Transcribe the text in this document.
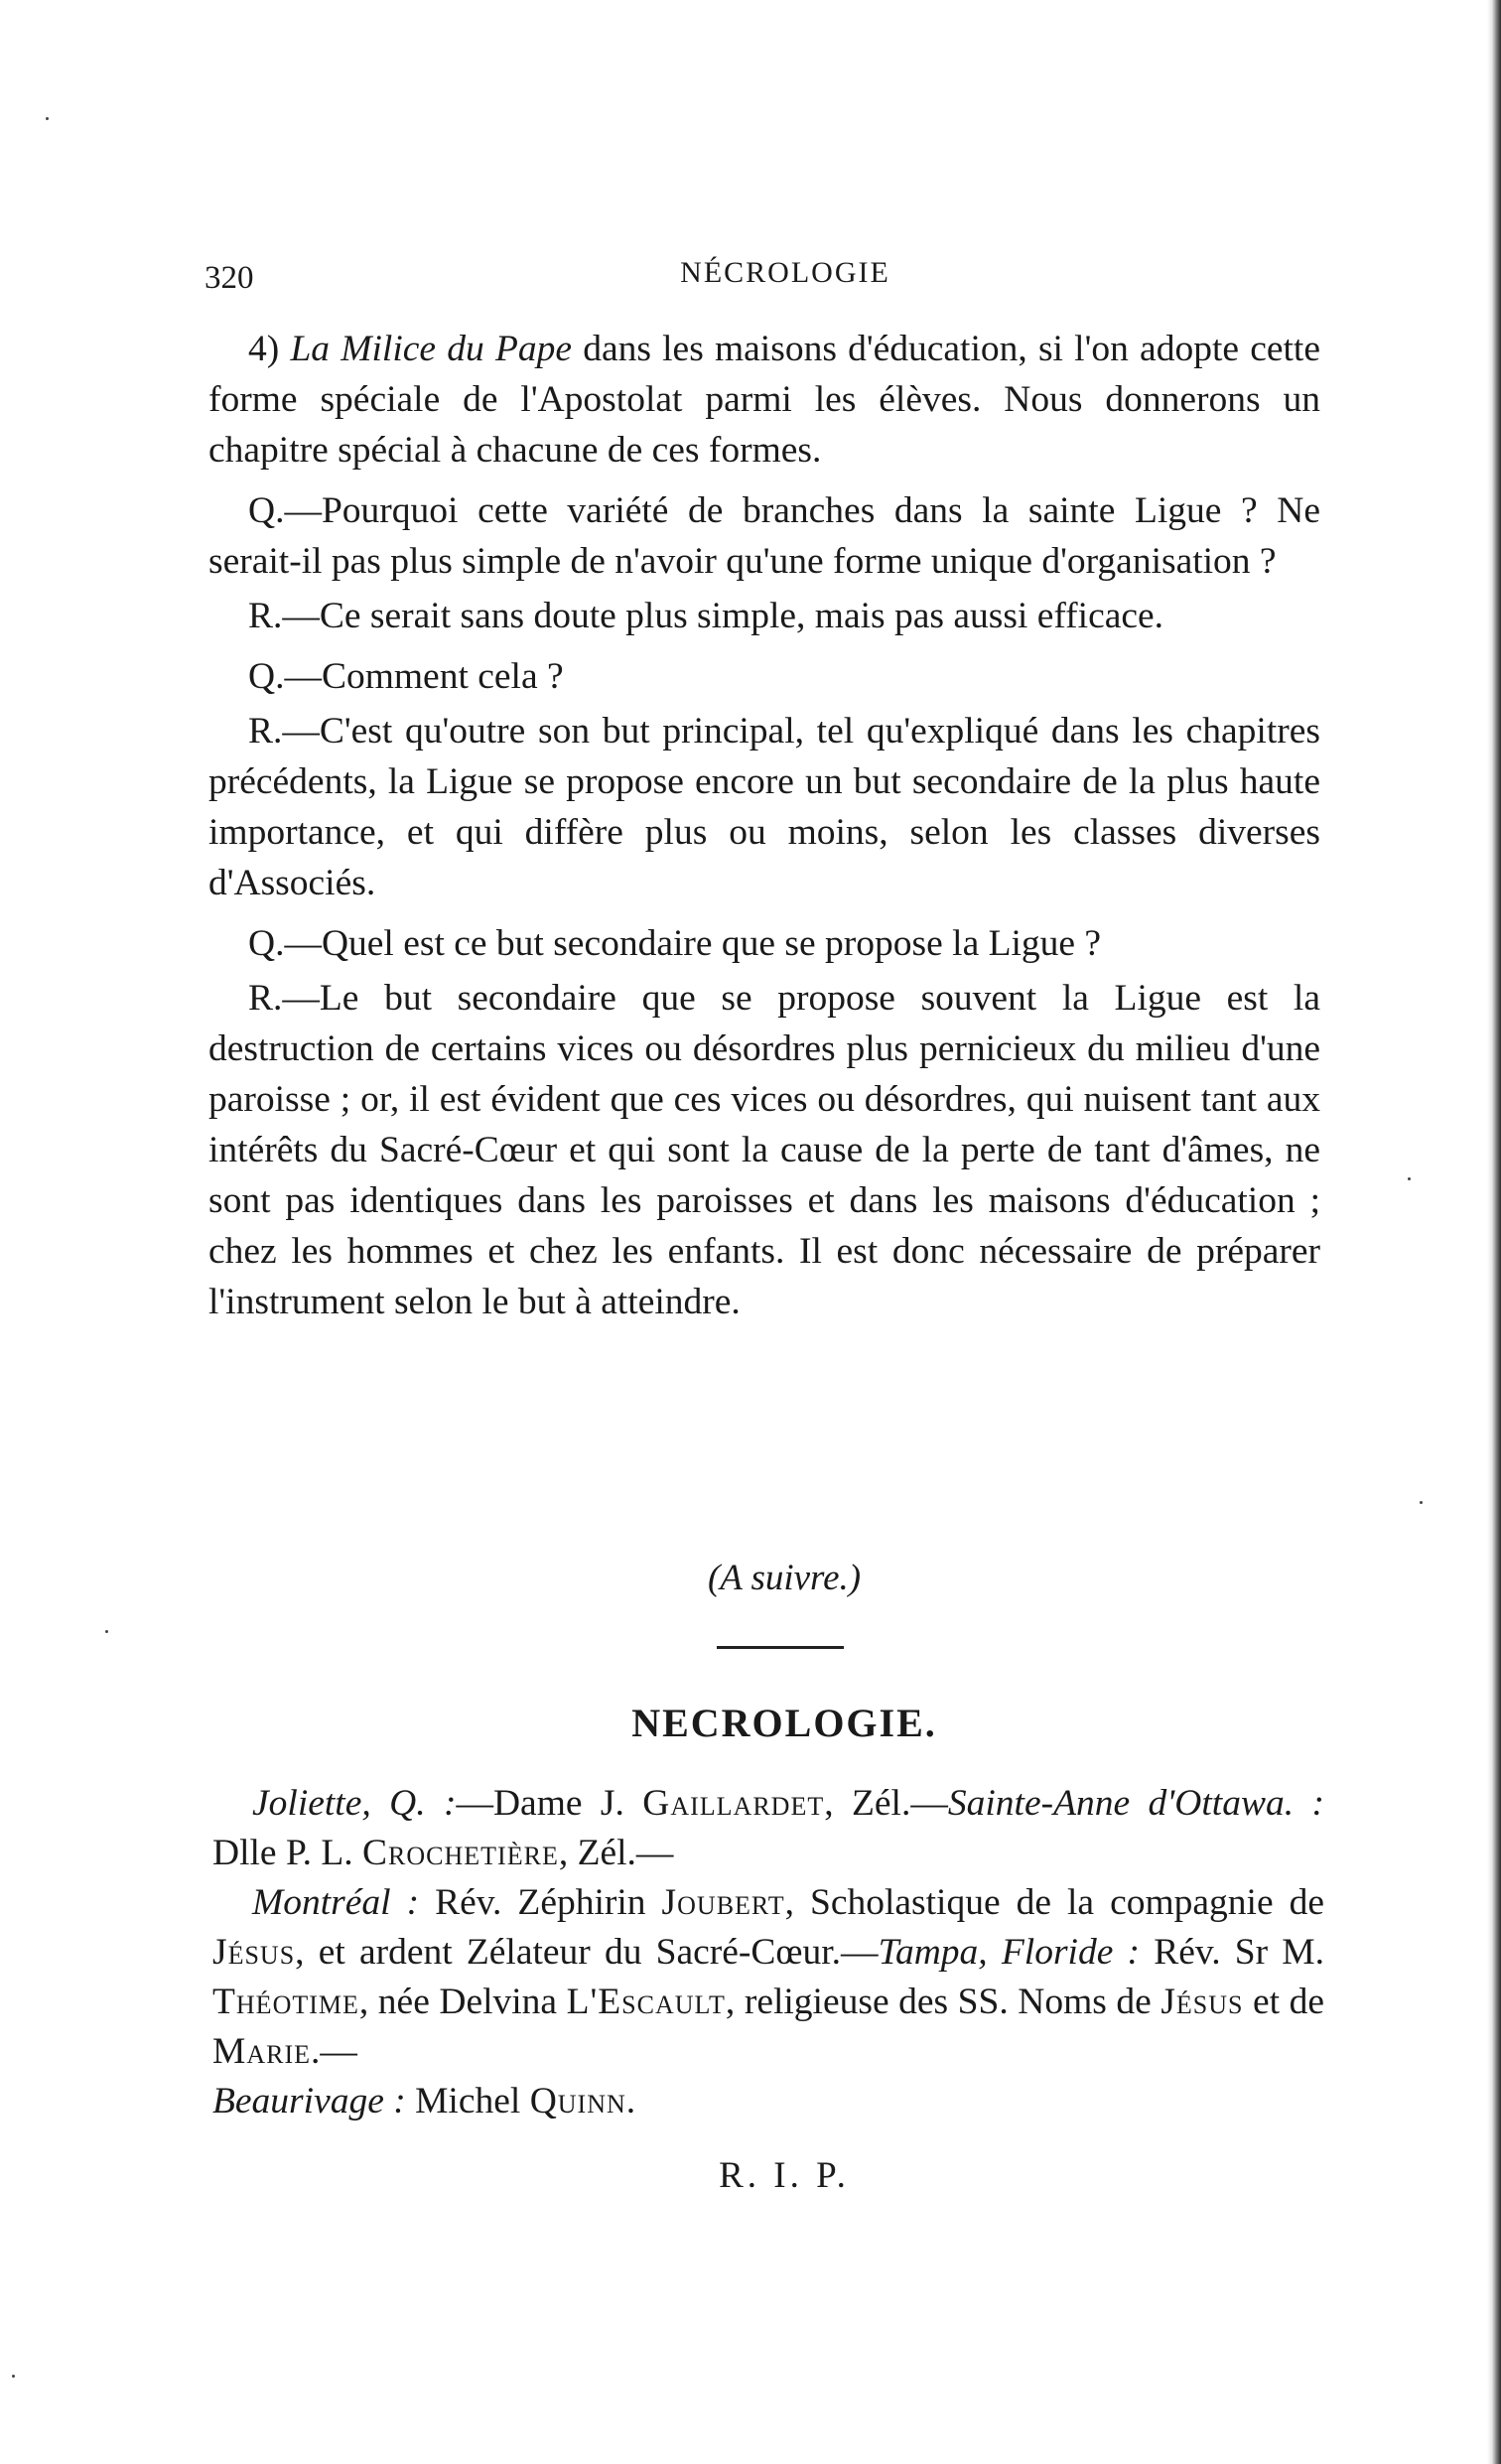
320	NÉCROLOGIE

4) La Milice du Pape dans les maisons d'éducation, si l'on adopte cette forme spéciale de l'Apostolat parmi les élèves. Nous donnerons un chapitre spécial à chacune de ces formes.

Q.—Pourquoi cette variété de branches dans la sainte Ligue ? Ne serait-il pas plus simple de n'avoir qu'une forme unique d'organisation ?

R.—Ce serait sans doute plus simple, mais pas aussi efficace.

Q.—Comment cela ?

R.—C'est qu'outre son but principal, tel qu'expliqué dans les chapitres précédents, la Ligue se propose encore un but secondaire de la plus haute importance, et qui diffère plus ou moins, selon les classes diverses d'Associés.

Q.—Quel est ce but secondaire que se propose la Ligue ?

R.—Le but secondaire que se propose souvent la Ligue est la destruction de certains vices ou désordres plus pernicieux du milieu d'une paroisse ; or, il est évident que ces vices ou désordres, qui nuisent tant aux intérêts du Sacré-Cœur et qui sont la cause de la perte de tant d'âmes, ne sont pas identiques dans les paroisses et dans les maisons d'éducation ; chez les hommes et chez les enfants. Il est donc nécessaire de préparer l'instrument selon le but à atteindre.

(A suivre.)
NECROLOGIE.

Joliette, Q. :—Dame J. Gaillardet, Zél.—Sainte-Anne d'Ottawa. : Dlle P. L. Crochetière, Zél.—

Montréal : Rév. Zéphirin Joubert, Scholastique de la compagnie de Jésus, et ardent Zélateur du Sacré-Cœur.—Tampa, Floride : Rév. Sr M. Théotime, née Delvina L'Escault, religieuse des SS. Noms de Jésus et de Marie.—
Beaurivage : Michel Quinn.

R. I. P.
